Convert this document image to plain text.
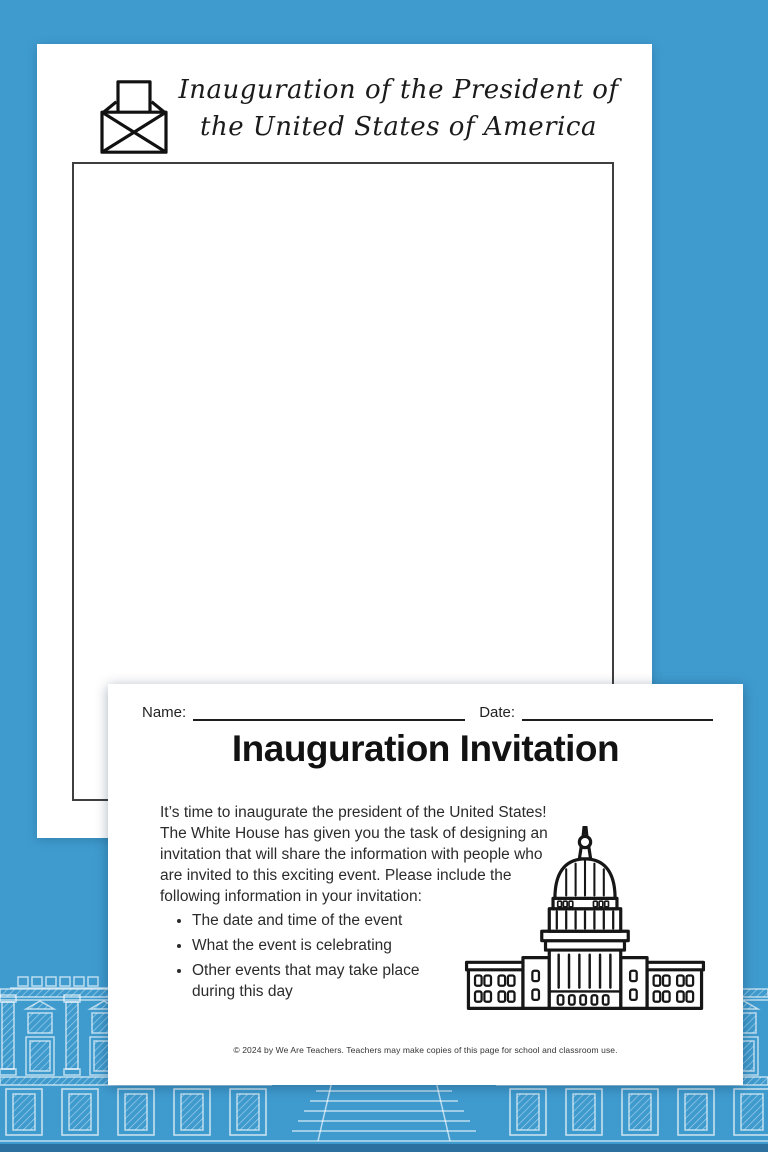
Inauguration of the President of
the United States of America
Name:	Date:
Inauguration Invitation

It’s time to inaugurate the president of the United States! The White House has given you the task of designing an invitation that will share the information with people who are invited to this exciting event. Please include the following information in your invitation:

• The date and time of the event
• What the event is celebrating
• Other events that may take place during this day
© 2024 by We Are Teachers. Teachers may make copies of this page for school and classroom use.
